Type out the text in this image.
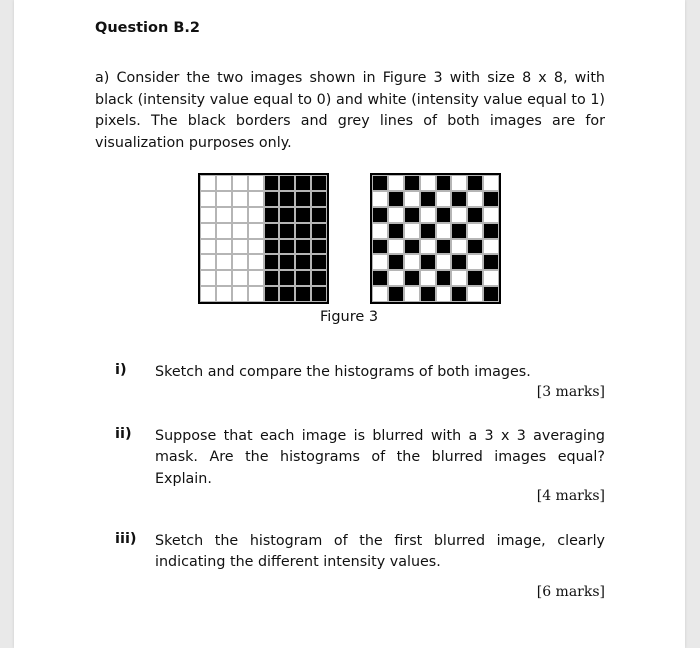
Question B.2
a) Consider the two images shown in Figure 3 with size 8 x 8, with black (intensity value equal to 0) and white (intensity value equal to 1) pixels. The black borders and grey lines of both images are for visualization purposes only.
Figure 3
i) Sketch and compare the histograms of both images.
[3 marks]
ii) Suppose that each image is blurred with a 3 x 3 averaging mask. Are the histograms of the blurred images equal? Explain.
[4 marks]
iii) Sketch the histogram of the first blurred image, clearly indicating the different intensity values.
[6 marks]
